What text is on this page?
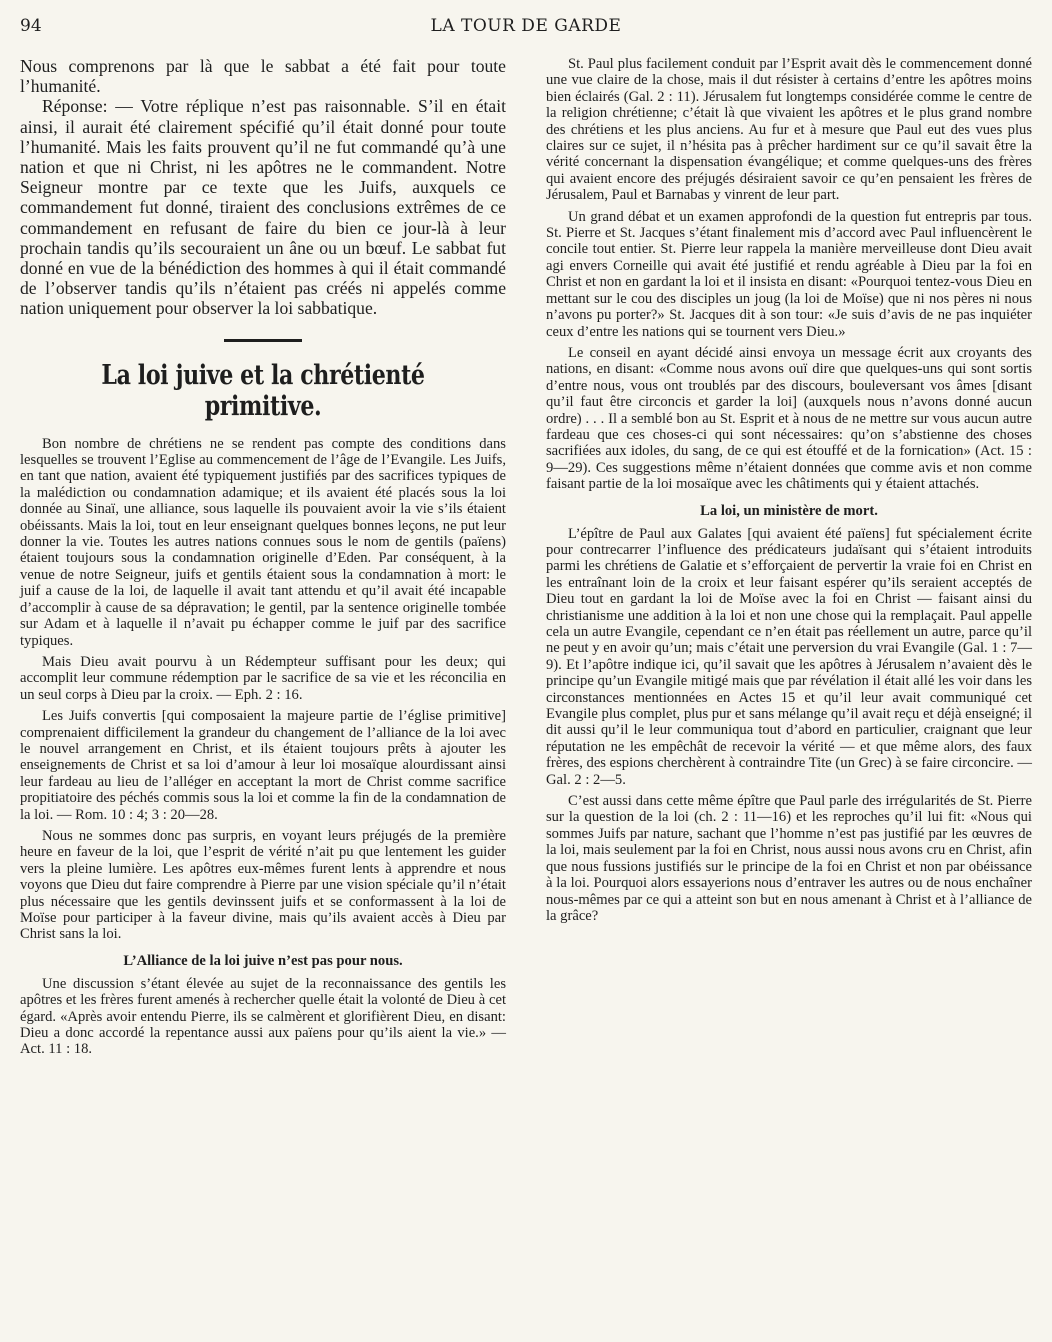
94	LA TOUR DE GARDE

Nous comprenons par là que le sabbat a été fait pour toute l’humanité.

Réponse: — Votre réplique n’est pas raisonnable. S’il en était ainsi, il aurait été clairement spécifié qu’il était donné pour toute l’humanité. Mais les faits prouvent qu’il ne fut commandé qu’à une nation et que ni Christ, ni les apôtres ne le commandent. Notre Seigneur montre par ce texte que les Juifs, auxquels ce commandement fut donné, tiraient des conclusions extrêmes de ce commandement en refusant de faire du bien ce jour-là à leur prochain tandis qu’ils secouraient un âne ou un bœuf. Le sabbat fut donné en vue de la bénédiction des hommes à qui il était commandé de l’observer tandis qu’ils n’étaient pas créés ni appelés comme nation uniquement pour observer la loi sabbatique.

La loi juive et la chrétienté primitive.

Bon nombre de chrétiens ne se rendent pas compte des conditions dans lesquelles se trouvent l’Eglise au commencement de l’âge de l’Evangile. Les Juifs, en tant que nation, avaient été typiquement justifiés par des sacrifices typiques de la malédiction ou condamnation adamique; et ils avaient été placés sous la loi donnée au Sinaï, une alliance, sous laquelle ils pouvaient avoir la vie s’ils étaient obéissants. Mais la loi, tout en leur enseignant quelques bonnes leçons, ne put leur donner la vie. Toutes les autres nations connues sous le nom de gentils (païens) étaient toujours sous la condamnation originelle d’Eden. Par conséquent, à la venue de notre Seigneur, juifs et gentils étaient sous la condamnation à mort: le juif a cause de la loi, de laquelle il avait tant attendu et qu’il avait été incapable d’accomplir à cause de sa dépravation; le gentil, par la sentence originelle tombée sur Adam et à laquelle il n’avait pu échapper comme le juif par des sacrifice typiques.

Mais Dieu avait pourvu à un Rédempteur suffisant pour les deux; qui accomplit leur commune rédemption par le sacrifice de sa vie et les réconcilia en un seul corps à Dieu par la croix. — Eph. 2 : 16.

Les Juifs convertis [qui composaient la majeure partie de l’église primitive] comprenaient difficilement la grandeur du changement de l’alliance de la loi avec le nouvel arrangement en Christ, et ils étaient toujours prêts à ajouter les enseignements de Christ et sa loi d’amour à leur loi mosaïque alourdissant ainsi leur fardeau au lieu de l’alléger en acceptant la mort de Christ comme sacrifice propitiatoire des péchés commis sous la loi et comme la fin de la condamnation de la loi. — Rom. 10 : 4; 3 : 20—28.

Nous ne sommes donc pas surpris, en voyant leurs préjugés de la première heure en faveur de la loi, que l’esprit de vérité n’ait pu que lentement les guider vers la pleine lumière. Les apôtres eux-mêmes furent lents à apprendre et nous voyons que Dieu dut faire comprendre à Pierre par une vision spéciale qu’il n’était plus nécessaire que les gentils devinssent juifs et se conformassent à la loi de Moïse pour participer à la faveur divine, mais qu’ils avaient accès à Dieu par Christ sans la loi.

L’Alliance de la loi juive n’est pas pour nous.

Une discussion s’étant élevée au sujet de la reconnaissance des gentils les apôtres et les frères furent amenés à rechercher quelle était la volonté de Dieu à cet égard. «Après avoir entendu Pierre, ils se calmèrent et glorifièrent Dieu, en disant: Dieu a donc accordé la repentance aussi aux païens pour qu’ils aient la vie.» — Act. 11 : 18.

St. Paul plus facilement conduit par l’Esprit avait dès le commencement donné une vue claire de la chose, mais il dut résister à certains d’entre les apôtres moins bien éclairés (Gal. 2 : 11). Jérusalem fut longtemps considérée comme le centre de la religion chrétienne; c’était là que vivaient les apôtres et le plus grand nombre des chrétiens et les plus anciens. Au fur et à mesure que Paul eut des vues plus claires sur ce sujet, il n’hésita pas à prêcher hardiment sur ce qu’il savait être la vérité concernant la dispensation évangélique; et comme quelques-uns des frères qui avaient encore des préjugés désiraient savoir ce qu’en pensaient les frères de Jérusalem, Paul et Barnabas y vinrent de leur part.

Un grand débat et un examen approfondi de la question fut entrepris par tous. St. Pierre et St. Jacques s’étant finalement mis d’accord avec Paul influencèrent le concile tout entier. St. Pierre leur rappela la manière merveilleuse dont Dieu avait agi envers Corneille qui avait été justifié et rendu agréable à Dieu par la foi en Christ et non en gardant la loi et il insista en disant: «Pourquoi tentez-vous Dieu en mettant sur le cou des disciples un joug (la loi de Moïse) que ni nos pères ni nous n’avons pu porter?» St. Jacques dit à son tour: «Je suis d’avis de ne pas inquiéter ceux d’entre les nations qui se tournent vers Dieu.»

Le conseil en ayant décidé ainsi envoya un message écrit aux croyants des nations, en disant: «Comme nous avons ouï dire que quelques-uns qui sont sortis d’entre nous, vous ont troublés par des discours, bouleversant vos âmes [disant qu’il faut être circoncis et garder la loi] (auxquels nous n’avons donné aucun ordre) . . . Il a semblé bon au St. Esprit et à nous de ne mettre sur vous aucun autre fardeau que ces choses-ci qui sont nécessaires: qu’on s’abstienne des choses sacrifiées aux idoles, du sang, de ce qui est étouffé et de la fornication» (Act. 15 : 9—29). Ces suggestions même n’étaient données que comme avis et non comme faisant partie de la loi mosaïque avec les châtiments qui y étaient attachés.

La loi, un ministère de mort.

L’épître de Paul aux Galates [qui avaient été païens] fut spécialement écrite pour contrecarrer l’influence des prédicateurs judaïsant qui s’étaient introduits parmi les chrétiens de Galatie et s’efforçaient de pervertir la vraie foi en Christ en les entraînant loin de la croix et leur faisant espérer qu’ils seraient acceptés de Dieu tout en gardant la loi de Moïse avec la foi en Christ — faisant ainsi du christianisme une addition à la loi et non une chose qui la remplaçait. Paul appelle cela un autre Evangile, cependant ce n’en était pas réellement un autre, parce qu’il ne peut y en avoir qu’un; mais c’était une perversion du vrai Evangile (Gal. 1 : 7—9). Et l’apôtre indique ici, qu’il savait que les apôtres à Jérusalem n’avaient dès le principe qu’un Evangile mitigé mais que par révélation il était allé les voir dans les circonstances mentionnées en Actes 15 et qu’il leur avait communiqué cet Evangile plus complet, plus pur et sans mélange qu’il avait reçu et déjà enseigné; il dit aussi qu’il le leur communiqua tout d’abord en particulier, craignant que leur réputation ne les empêchât de recevoir la vérité — et que même alors, des faux frères, des espions cherchèrent à contraindre Tite (un Grec) à se faire circoncire. — Gal. 2 : 2—5.

C’est aussi dans cette même épître que Paul parle des irrégularités de St. Pierre sur la question de la loi (ch. 2 : 11—16) et les reproches qu’il lui fit: «Nous qui sommes Juifs par nature, sachant que l’homme n’est pas justifié par les œuvres de la loi, mais seulement par la foi en Christ, nous aussi nous avons cru en Christ, afin que nous fussions justifiés sur le principe de la foi en Christ et non par obéissance à la loi. Pourquoi alors essayerions nous d’entraver les autres ou de nous enchaîner nous-mêmes par ce qui a atteint son but en nous amenant à Christ et à l’alliance de la grâce?
